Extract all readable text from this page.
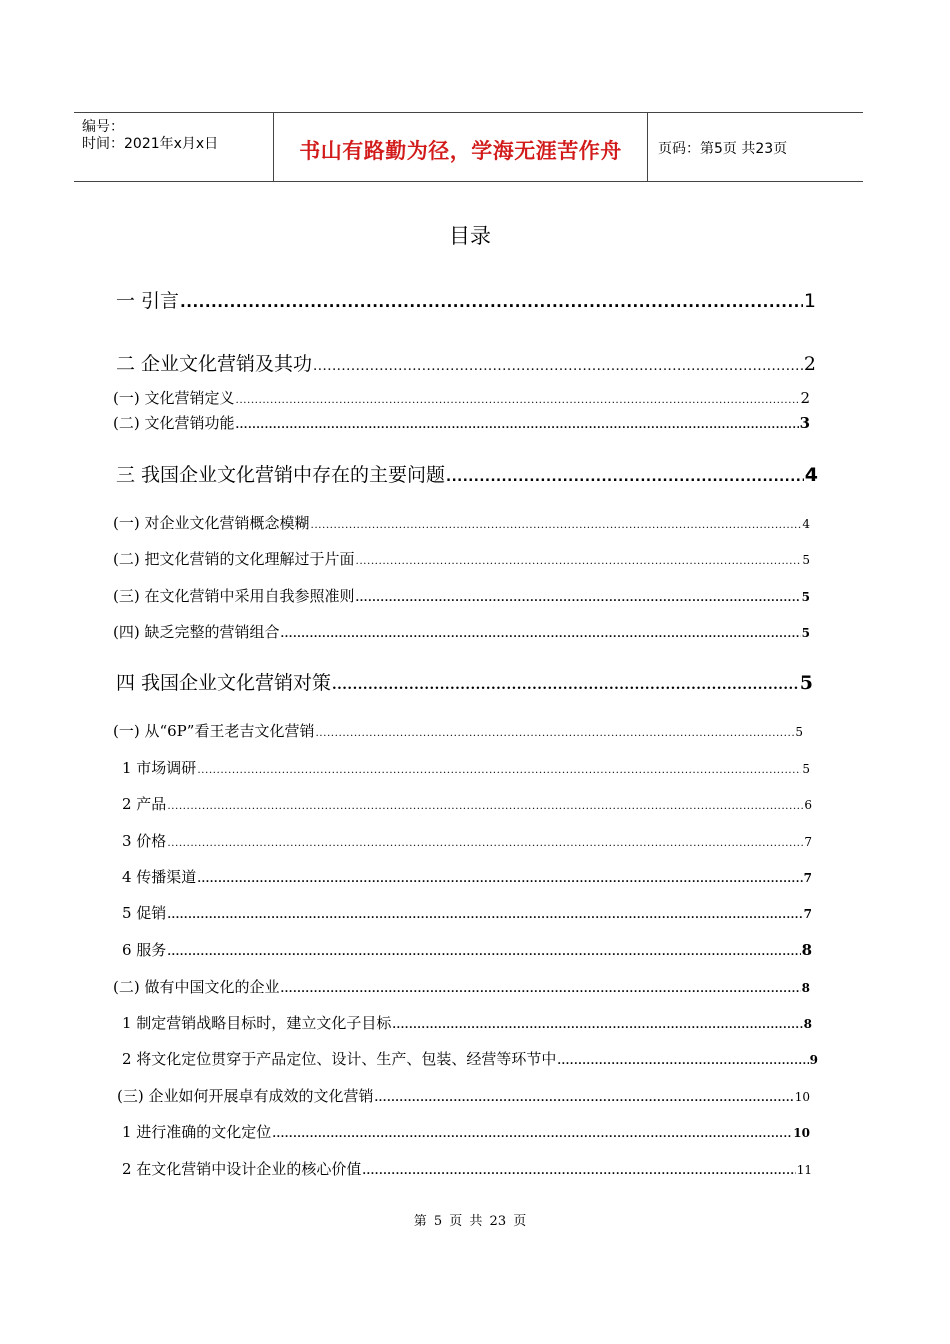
编号：
时间：2021年x月x日	书山有路勤为径，学海无涯苦作舟	页码：第5页 共23页
目录
一 引言 .....	1
二 企业文化营销及其功 .....	2
(一) 文化营销定义 .....	2
(二) 文化营销功能 .....	3
三 我国企业文化营销中存在的主要问题 .....	4
(一) 对企业文化营销概念模糊 .....	4
(二) 把文化营销的文化理解过于片面 .....	5
(三) 在文化营销中采用自我参照准则 .....	5
(四) 缺乏完整的营销组合 .....	5
四 我国企业文化营销对策 .....	5
(一) 从“6P”看王老吉文化营销 .....	5
1 市场调研 .....	5
2 产品 .....	6
3 价格 .....	7
4 传播渠道 .....	7
5 促销 .....	7
6 服务 .....	8
(二) 做有中国文化的企业 .....	8
1 制定营销战略目标时，建立文化子目标 .....	8
2 将文化定位贯穿于产品定位、设计、生产、包装、经营等环节中 .....	9
(三) 企业如何开展卓有成效的文化营销 .....	10
1 进行准确的文化定位 .....	10
2 在文化营销中设计企业的核心价值 .....	11
第 5 页 共 23 页
